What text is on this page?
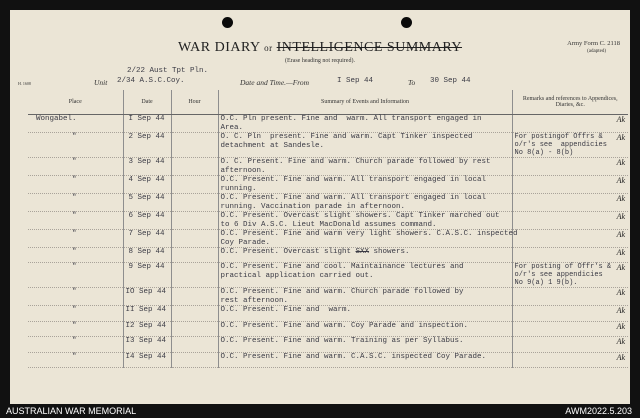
WAR DIARY or INTELLIGENCE SUMMARY
(Erase heading not required).
Army Form C. 2118
(adapted)
2/22 Aust Tpt Pln.
H. 1608	Unit 2/34 A.S.C.Coy.	Date and Time.—From	I Sep 44	To 30 Sep 44
Place	Date	Hour	Summary of Events and Information	Remarks and references to Appendices, Diaries, &c.
Wongabel.	I Sep 44		O.C. Pln present. Fine and  warm. All transport engaged in
Area.	Ak

"	2 Sep 44		O. C. Pln  present. Fine and warm. Capt Tinker inspected
detachment at Sandesle.	For postingof Offrs &
o/r's see  appendicies
No 8(a) - 8(b)
Ak

"	3 Sep 44		O. C. Present. Fine and warm. Church parade followed by rest
afternoon.	Ak

"	4 Sep 44		O.C. Present. Fine and warm. All transport engaged in local
running.	Ak

"	5 Sep 44		O.C. Present. Fine and warm. All transport engaged in local
running. Vaccination parade in afternoon.	Ak

"	6 Sep 44		O.C. Present. Overcast slight showers. Capt Tinker marched out
to 6 Div A.S.C. Lieut MacDonald assumes command.	Ak

"	7 Sep 44		O.C. Present. Fine and warm very light showers. C.A.S.C. inspected
Coy Parade.	Ak

"	8 Sep 44		O.C. Present. Overcast slight SXX showers.	Ak

"	9 Sep 44		O.C. Present. Fine and cool. Maintainance lectures and
practical application carried out.	For posting of Offr's &
o/r's see appendicies
No 9(a) 1 9(b).
Ak

"	IO Sep 44		O.C. Present. Fine and warm. Church parade followed by
rest afternoon.	Ak

"	II Sep 44		O.C. Present. Fine and  warm.	Ak

"	I2 Sep 44		O.C. Present. Fine and warm. Coy Parade and inspection.	Ak

"	I3 Sep 44		O.C. Present. Fine and warm. Training as per Syllabus.	Ak

"	I4 Sep 44		O.C. Present. Fine and warm. C.A.S.C. inspected Coy Parade.	Ak
AUSTRALIAN WAR MEMORIAL	AWM2022.5.203
